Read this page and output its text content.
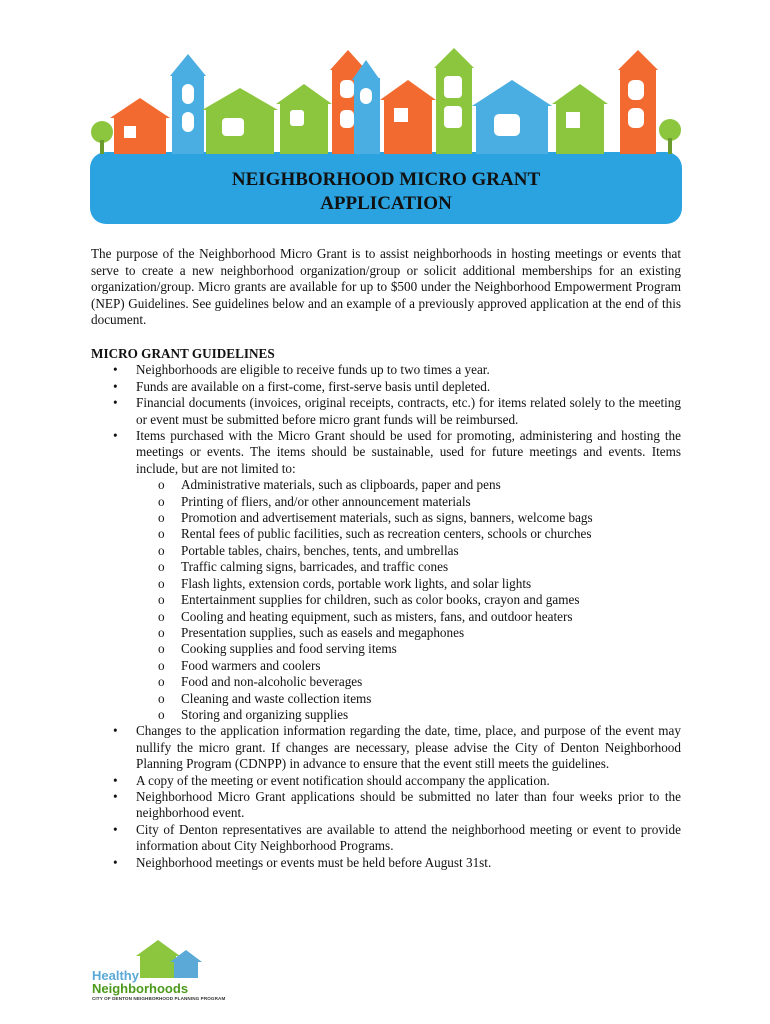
NEIGHBORHOOD MICRO GRANT
APPLICATION

The purpose of the Neighborhood Micro Grant is to assist neighborhoods in hosting meetings or events that serve to create a new neighborhood organization/group or solicit additional memberships for an existing organization/group. Micro grants are available for up to $500 under the Neighborhood Empowerment Program (NEP) Guidelines. See guidelines below and an example of a previously approved application at the end of this document.

MICRO GRANT GUIDELINES

• Neighborhoods are eligible to receive funds up to two times a year.
• Funds are available on a first-come, first-serve basis until depleted.
• Financial documents (invoices, original receipts, contracts, etc.) for items related solely to the meeting or event must be submitted before micro grant funds will be reimbursed.
• Items purchased with the Micro Grant should be used for promoting, administering and hosting the meetings or events. The items should be sustainable, used for future meetings and events. Items include, but are not limited to:
o Administrative materials, such as clipboards, paper and pens
o Printing of fliers, and/or other announcement materials
o Promotion and advertisement materials, such as signs, banners, welcome bags
o Rental fees of public facilities, such as recreation centers, schools or churches
o Portable tables, chairs, benches, tents, and umbrellas
o Traffic calming signs, barricades, and traffic cones
o Flash lights, extension cords, portable work lights, and solar lights
o Entertainment supplies for children, such as color books, crayon and games
o Cooling and heating equipment, such as misters, fans, and outdoor heaters
o Presentation supplies, such as easels and megaphones
o Cooking supplies and food serving items
o Food warmers and coolers
o Food and non-alcoholic beverages
o Cleaning and waste collection items
o Storing and organizing supplies
• Changes to the application information regarding the date, time, place, and purpose of the event may nullify the micro grant. If changes are necessary, please advise the City of Denton Neighborhood Planning Program (CDNPP) in advance to ensure that the event still meets the guidelines.
• A copy of the meeting or event notification should accompany the application.
• Neighborhood Micro Grant applications should be submitted no later than four weeks prior to the neighborhood event.
• City of Denton representatives are available to attend the neighborhood meeting or event to provide information about City Neighborhood Programs.
• Neighborhood meetings or events must be held before August 31st.
Healthy
Neighborhoods
CITY OF DENTON NEIGHBORHOOD PLANNING PROGRAM
